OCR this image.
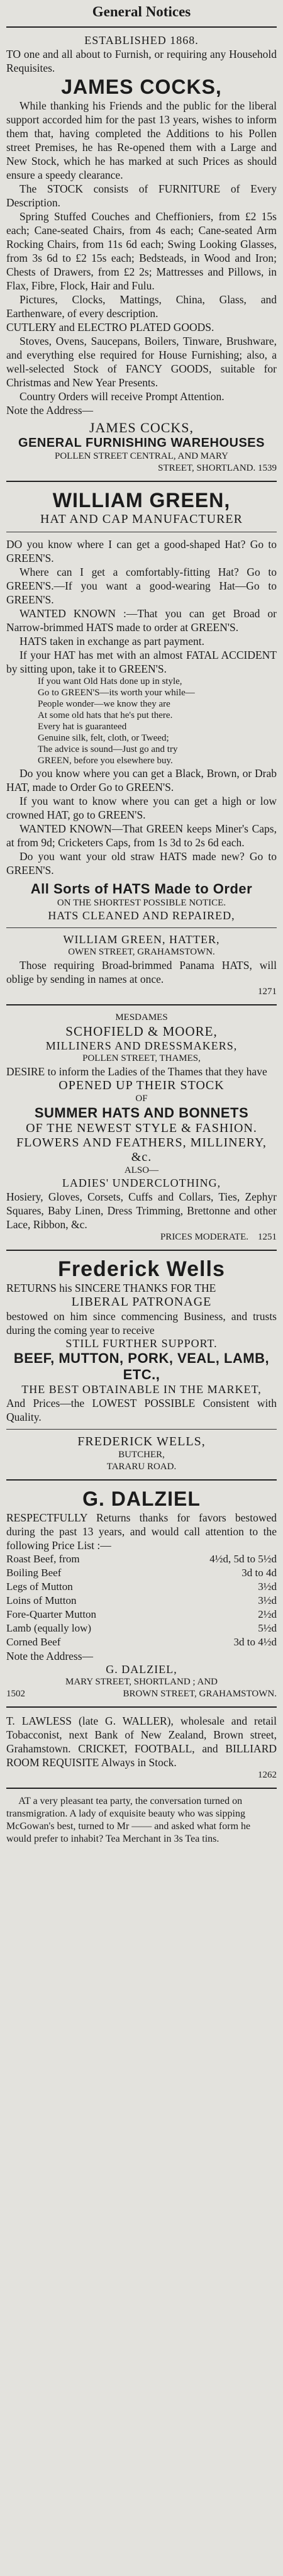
General Notices

ESTABLISHED 1868.

TO one and all about to Furnish, or requiring any Household Requisites.

JAMES COCKS,

While thanking his Friends and the public for the liberal support accorded him for the past 13 years, wishes to inform them that, having completed the Additions to his Pollen street Premises, he has Re-opened them with a Large and New Stock, which he has marked at such Prices as should ensure a speedy clearance.

The STOCK consists of FURNITURE of Every Description.

Spring Stuffed Couches and Cheffioniers, from £2 15s each; Cane-seated Chairs, from 4s each; Cane-seated Arm Rocking Chairs, from 11s 6d each; Swing Looking Glasses, from 3s 6d to £2 15s each; Bedsteads, in Wood and Iron; Chests of Drawers, from £2 2s; Mattresses and Pillows, in Flax, Fibre, Flock, Hair and Fulu.

Pictures, Clocks, Mattings, China, Glass, and Earthenware, of every description.

CUTLERY and ELECTRO PLATED GOODS.

Stoves, Ovens, Saucepans, Boilers, Tinware, Brushware, and everything else required for House Furnishing; also, a well-selected Stock of FANCY GOODS, suitable for Christmas and New Year Presents.

Country Orders will receive Prompt Attention.

Note the Address—

JAMES COCKS,

GENERAL FURNISHING WAREHOUSES

POLLEN STREET CENTRAL, AND MARY

STREET, SHORTLAND. 1539

WILLIAM GREEN,

HAT AND CAP MANUFACTURER

DO you know where I can get a good-shaped Hat? Go to GREEN'S.

Where can I get a comfortably-fitting Hat? Go to GREEN'S.—If you want a good-wearing Hat—Go to GREEN'S.

WANTED KNOWN :—That you can get Broad or Narrow-brimmed HATS made to order at GREEN'S.

HATS taken in exchange as part payment.

If your HAT has met with an almost FATAL ACCIDENT by sitting upon, take it to GREEN'S.

If you want Old Hats done up in style,
Go to GREEN'S—its worth your while—
People wonder—we know they are
At some old hats that he's put there.
Every hat is guaranteed
Genuine silk, felt, cloth, or Tweed;
The advice is sound—Just go and try
GREEN, before you elsewhere buy.

Do you know where you can get a Black, Brown, or Drab HAT, made to Order Go to GREEN'S.

If you want to know where you can get a high or low crowned HAT, go to GREEN'S.

WANTED KNOWN—That GREEN keeps Miner's Caps, at from 9d; Cricketers Caps, from 1s 3d to 2s 6d each.

Do you want your old straw HATS made new? Go to GREEN'S.

All Sorts of HATS Made to Order

ON THE SHORTEST POSSIBLE NOTICE.

HATS CLEANED AND REPAIRED,

WILLIAM GREEN, HATTER,

OWEN STREET, GRAHAMSTOWN.

Those requiring Broad-brimmed Panama HATS, will oblige by sending in names at once.

1271

MESDAMES

SCHOFIELD & MOORE,

MILLINERS AND DRESSMAKERS,

POLLEN STREET, THAMES,

DESIRE to inform the Ladies of the Thames that they have

OPENED UP THEIR STOCK

OF

SUMMER HATS AND BONNETS

OF THE NEWEST STYLE & FASHION.

FLOWERS AND FEATHERS, MILLINERY, &c.

ALSO—

LADIES' UNDERCLOTHING,

Hosiery, Gloves, Corsets, Cuffs and Collars, Ties, Zephyr Squares, Baby Linen, Dress Trimming, Brettonne and other Lace, Ribbon, &c.

PRICES MODERATE. 1251

Frederick Wells

RETURNS his SINCERE THANKS FOR THE

LIBERAL PATRONAGE

bestowed on him since commencing Business, and trusts during the coming year to receive

STILL FURTHER SUPPORT.

BEEF, MUTTON, PORK, VEAL, LAMB, ETC.,

THE BEST OBTAINABLE IN THE MARKET,

And Prices—the LOWEST POSSIBLE Consistent with Quality.

FREDERICK WELLS,

BUTCHER,

TARARU ROAD.

G. DALZIEL

RESPECTFULLY Returns thanks for favors bestowed during the past 13 years, and would call attention to the following Price List :—

Roast Beef, from	4½d, 5d to 5½d
Boiling Beef	3d to 4d
Legs of Mutton	3½d
Loins of Mutton	3½d
Fore-Quarter Mutton	2½d
Lamb (equally low)	5½d
Corned Beef	3d to 4½d

Note the Address—

G. DALZIEL,

MARY STREET, SHORTLAND ; AND

1502	BROWN STREET, GRAHAMSTOWN.

T. LAWLESS (late G. WALLER), wholesale and retail Tobacconist, next Bank of New Zealand, Brown street, Grahamstown. CRICKET, FOOTBALL, and BILLIARD ROOM REQUISITE Always in Stock.

1262

AT a very pleasant tea party, the conversation turned on transmigration. A lady of exquisite beauty who was sipping McGowan's best, turned to Mr —— and asked what form he would prefer to inhabit? Tea Merchant in 3s Tea tins.
